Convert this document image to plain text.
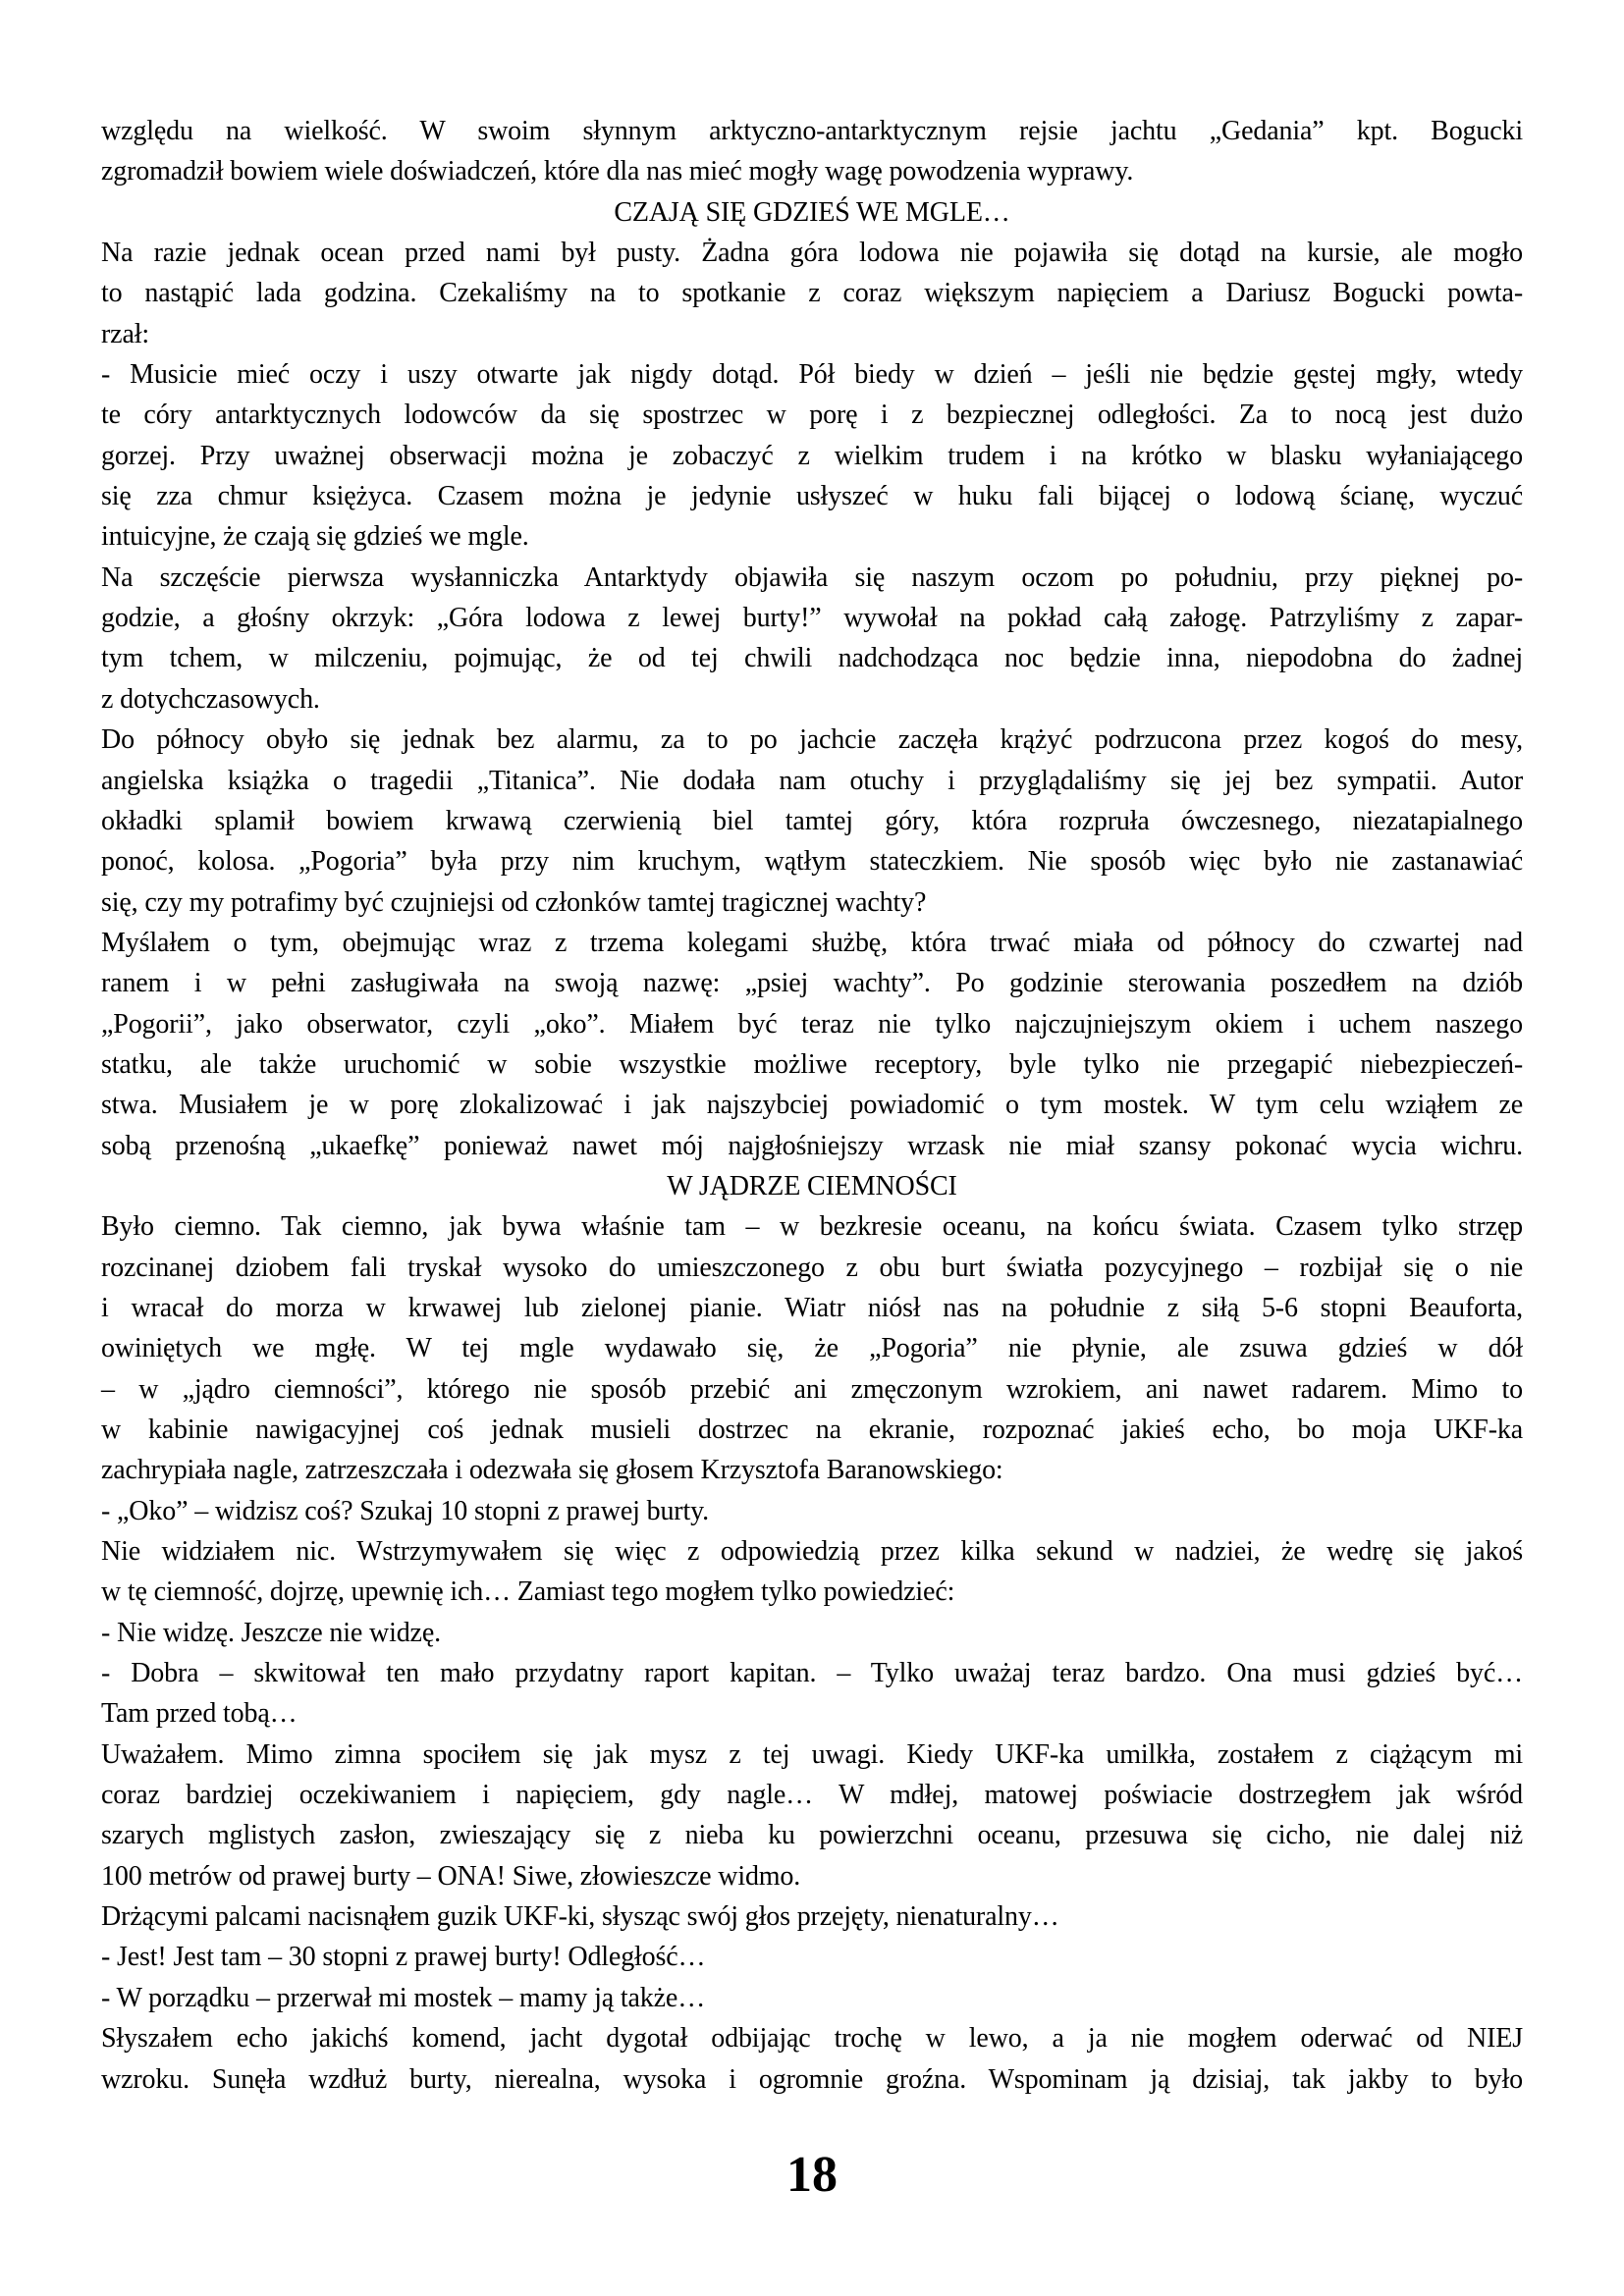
względu na wielkość. W swoim słynnym arktyczno-antarktycznym rejsie jachtu „Gedania” kpt. Bogucki
zgromadził bowiem wiele doświadczeń, które dla nas mieć mogły wagę powodzenia wyprawy.
CZAJĄ SIĘ GDZIEŚ WE MGLE…
Na razie jednak ocean przed nami był pusty. Żadna góra lodowa nie pojawiła się dotąd na kursie, ale mogło
to nastąpić lada godzina. Czekaliśmy na to spotkanie z coraz większym napięciem a Dariusz Bogucki powta-
rzał:
- Musicie mieć oczy i uszy otwarte jak nigdy dotąd. Pół biedy w dzień – jeśli nie będzie gęstej mgły, wtedy
te córy antarktycznych lodowców da się spostrzec w porę i z bezpiecznej odległości. Za to nocą jest dużo
gorzej. Przy uważnej obserwacji można je zobaczyć z wielkim trudem i na krótko w blasku wyłaniającego
się zza chmur księżyca. Czasem można je jedynie usłyszeć w huku fali bijącej o lodową ścianę, wyczuć
intuicyjne, że czają się gdzieś we mgle.
Na szczęście pierwsza wysłanniczka Antarktydy objawiła się naszym oczom po południu, przy pięknej po-
godzie, a głośny okrzyk: „Góra lodowa z lewej burty!” wywołał na pokład całą załogę. Patrzyliśmy z zapar-
tym tchem, w milczeniu, pojmując, że od tej chwili nadchodząca noc będzie inna, niepodobna do żadnej
z dotychczasowych.
Do północy obyło się jednak bez alarmu, za to po jachcie zaczęła krążyć podrzucona przez kogoś do mesy,
angielska książka o tragedii „Titanica”. Nie dodała nam otuchy i przyglądaliśmy się jej bez sympatii. Autor
okładki splamił bowiem krwawą czerwienią biel tamtej góry, która rozpruła ówczesnego, niezatapialnego
ponoć, kolosa. „Pogoria” była przy nim kruchym, wątłym stateczkiem. Nie sposób więc było nie zastanawiać
się, czy my potrafimy być czujniejsi od członków tamtej tragicznej wachty?
Myślałem o tym, obejmując wraz z trzema kolegami służbę, która trwać miała od północy do czwartej nad
ranem i w pełni zasługiwała na swoją nazwę: „psiej wachty”. Po godzinie sterowania poszedłem na dziób
„Pogorii”, jako obserwator, czyli „oko”. Miałem być teraz nie tylko najczujniejszym okiem i uchem naszego
statku, ale także uruchomić w sobie wszystkie możliwe receptory, byle tylko nie przegapić niebezpieczeń-
stwa. Musiałem je w porę zlokalizować i jak najszybciej powiadomić o tym mostek. W tym celu wziąłem ze
sobą przenośną „ukaefkę” ponieważ nawet mój najgłośniejszy wrzask nie miał szansy pokonać wycia wichru.
W JĄDRZE CIEMNOŚCI
Było ciemno. Tak ciemno, jak bywa właśnie tam – w bezkresie oceanu, na końcu świata. Czasem tylko strzęp
rozcinanej dziobem fali tryskał wysoko do umieszczonego z obu burt światła pozycyjnego – rozbijał się o nie
i wracał do morza w krwawej lub zielonej pianie. Wiatr niósł nas na południe z siłą 5-6 stopni Beauforta,
owiniętych we mgłę. W tej mgle wydawało się, że „Pogoria” nie płynie, ale zsuwa gdzieś w dół
– w „jądro ciemności”, którego nie sposób przebić ani zmęczonym wzrokiem, ani nawet radarem. Mimo to
w kabinie nawigacyjnej coś jednak musieli dostrzec na ekranie, rozpoznać jakieś echo, bo moja UKF-ka
zachrypiała nagle, zatrzeszczała i odezwała się głosem Krzysztofa Baranowskiego:
- „Oko” – widzisz coś? Szukaj 10 stopni z prawej burty.
Nie widziałem nic. Wstrzymywałem się więc z odpowiedzią przez kilka sekund w nadziei, że wedrę się jakoś
w tę ciemność, dojrzę, upewnię ich… Zamiast tego mogłem tylko powiedzieć:
- Nie widzę. Jeszcze nie widzę.
- Dobra – skwitował ten mało przydatny raport kapitan. – Tylko uważaj teraz bardzo. Ona musi gdzieś być…
Tam przed tobą…
Uważałem. Mimo zimna spociłem się jak mysz z tej uwagi. Kiedy UKF-ka umilkła, zostałem z ciążącym mi
coraz bardziej oczekiwaniem i napięciem, gdy nagle… W mdłej, matowej poświacie dostrzegłem jak wśród
szarych mglistych zasłon, zwieszający się z nieba ku powierzchni oceanu, przesuwa się cicho, nie dalej niż
100 metrów od prawej burty – ONA! Siwe, złowieszcze widmo.
Drżącymi palcami nacisnąłem guzik UKF-ki, słysząc swój głos przejęty, nienaturalny…
- Jest! Jest tam – 30 stopni z prawej burty! Odległość…
- W porządku – przerwał mi mostek – mamy ją także…
Słyszałem echo jakichś komend, jacht dygotał odbijając trochę w lewo, a ja nie mogłem oderwać od NIEJ
wzroku. Sunęła wzdłuż burty, nierealna, wysoka i ogromnie groźna. Wspominam ją dzisiaj, tak jakby to było
18
